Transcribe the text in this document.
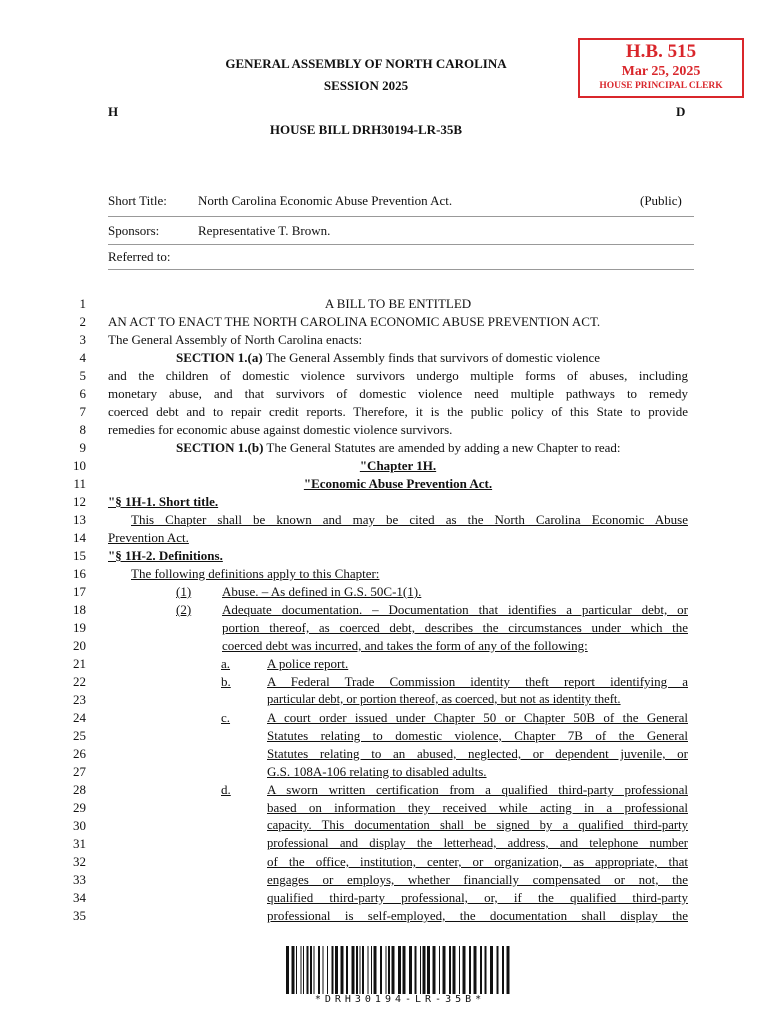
GENERAL ASSEMBLY OF NORTH CAROLINA
SESSION 2025
H	D
HOUSE BILL DRH30194-LR-35B
H.B. 515
Mar 25, 2025
HOUSE PRINCIPAL CLERK
Short Title: North Carolina Economic Abuse Prevention Act.	(Public)
Sponsors:	Representative T. Brown.
Referred to:
1	A BILL TO BE ENTITLED
2 AN ACT TO ENACT THE NORTH CAROLINA ECONOMIC ABUSE PREVENTION ACT.
3 The General Assembly of North Carolina enacts:
4	SECTION 1.(a) The General Assembly finds that survivors of domestic violence
5 and the children of domestic violence survivors undergo multiple forms of abuses, including
6 monetary abuse, and that survivors of domestic violence need multiple pathways to remedy
7 coerced debt and to repair credit reports. Therefore, it is the public policy of this State to provide
8 remedies for economic abuse against domestic violence survivors.
9	SECTION 1.(b) The General Statutes are amended by adding a new Chapter to read:
10	"Chapter 1H.
11	"Economic Abuse Prevention Act.
12 "§ 1H-1. Short title.
13	This Chapter shall be known and may be cited as the North Carolina Economic Abuse
14 Prevention Act.
15 "§ 1H-2. Definitions.
16	The following definitions apply to this Chapter:
17	(1) Abuse. – As defined in G.S. 50C-1(1).
18	(2) Adequate documentation. – Documentation that identifies a particular debt, or
19	portion thereof, as coerced debt, describes the circumstances under which the
20	coerced debt was incurred, and takes the form of any of the following:
21	a.	A police report.
22	b.	A Federal Trade Commission identity theft report identifying a
23	particular debt, or portion thereof, as coerced, but not as identity theft.
24	c.	A court order issued under Chapter 50 or Chapter 50B of the General
25	Statutes relating to domestic violence, Chapter 7B of the General
26	Statutes relating to an abused, neglected, or dependent juvenile, or
27	G.S. 108A-106 relating to disabled adults.
28	d.	A sworn written certification from a qualified third-party professional
29	based on information they received while acting in a professional
30	capacity. This documentation shall be signed by a qualified third-party
31	professional and display the letterhead, address, and telephone number
32	of the office, institution, center, or organization, as appropriate, that
33	engages or employs, whether financially compensated or not, the
34	qualified third-party professional, or, if the qualified third-party
35	professional is self-employed, the documentation shall display the
*DRH30194-LR-35B*
